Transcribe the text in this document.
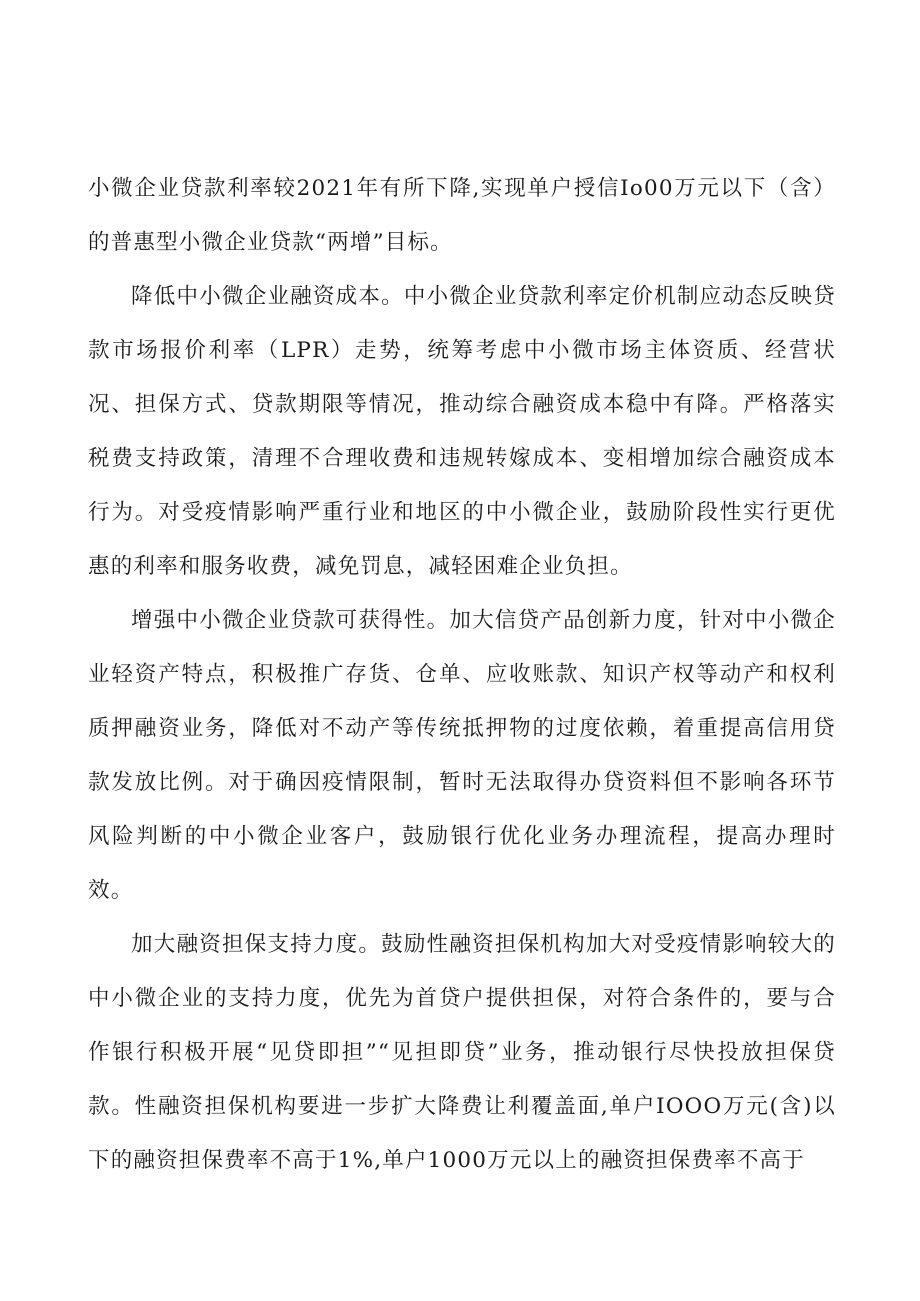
小微企业贷款利率较2021年有所下降,实现单户授信Io00万元以下（含）的普惠型小微企业贷款“两增”目标。

降低中小微企业融资成本。中小微企业贷款利率定价机制应动态反映贷款市场报价利率（LPR）走势，统筹考虑中小微市场主体资质、经营状况、担保方式、贷款期限等情况，推动综合融资成本稳中有降。严格落实税费支持政策，清理不合理收费和违规转嫁成本、变相增加综合融资成本行为。对受疫情影响严重行业和地区的中小微企业，鼓励阶段性实行更优惠的利率和服务收费，减免罚息，减轻困难企业负担。

增强中小微企业贷款可获得性。加大信贷产品创新力度，针对中小微企业轻资产特点，积极推广存货、仓单、应收账款、知识产权等动产和权利质押融资业务，降低对不动产等传统抵押物的过度依赖，着重提高信用贷款发放比例。对于确因疫情限制，暂时无法取得办贷资料但不影响各环节风险判断的中小微企业客户，鼓励银行优化业务办理流程，提高办理时效。

加大融资担保支持力度。鼓励性融资担保机构加大对受疫情影响较大的中小微企业的支持力度，优先为首贷户提供担保，对符合条件的，要与合作银行积极开展“见贷即担”“见担即贷”业务，推动银行尽快投放担保贷款。性融资担保机构要进一步扩大降费让利覆盖面,单户IOOO万元(含)以下的融资担保费率不高于1%,单户1000万元以上的融资担保费率不高于
